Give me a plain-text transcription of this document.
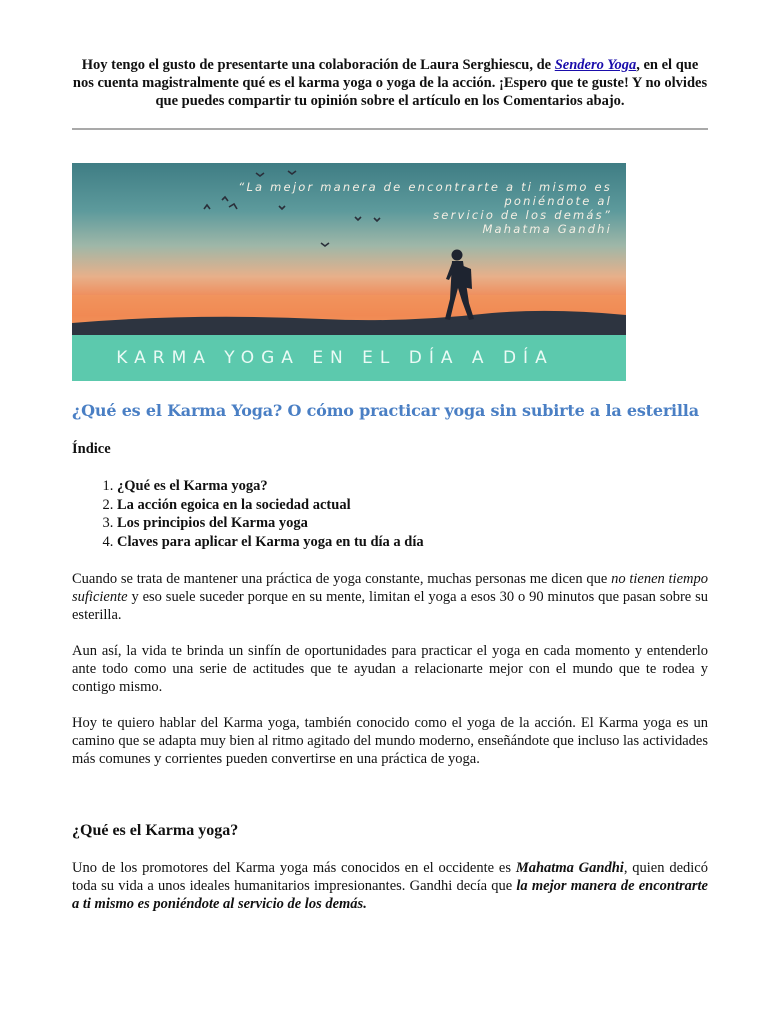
Hoy tengo el gusto de presentarte una colaboración de Laura Serghiescu, de Sendero Yoga, en el que nos cuenta magistralmente qué es el karma yoga o yoga de la acción. ¡Espero que te guste! Y no olvides que puedes compartir tu opinión sobre el artículo en los Comentarios abajo.
“La mejor manera de encontrarte a ti mismo es poniéndote al
servicio de los demás”
Mahatma Gandhi
KARMA YOGA EN EL DÍA A DÍA
¿Qué es el Karma Yoga? O cómo practicar yoga sin subirte a la esterilla
Índice
1. ¿Qué es el Karma yoga?
2. La acción egoica en la sociedad actual
3. Los principios del Karma yoga
4. Claves para aplicar el Karma yoga en tu día a día

Cuando se trata de mantener una práctica de yoga constante, muchas personas me dicen que no tienen tiempo suficiente y eso suele suceder porque en su mente, limitan el yoga a esos 30 o 90 minutos que pasan sobre su esterilla.

Aun así, la vida te brinda un sinfín de oportunidades para practicar el yoga en cada momento y entenderlo ante todo como una serie de actitudes que te ayudan a relacionarte mejor con el mundo que te rodea y contigo mismo.

Hoy te quiero hablar del Karma yoga, también conocido como el yoga de la acción. El Karma yoga es un camino que se adapta muy bien al ritmo agitado del mundo moderno, enseñándote que incluso las actividades más comunes y corrientes pueden convertirse en una práctica de yoga.

¿Qué es el Karma yoga?

Uno de los promotores del Karma yoga más conocidos en el occidente es Mahatma Gandhi, quien dedicó toda su vida a unos ideales humanitarios impresionantes. Gandhi decía que la mejor manera de encontrarte a ti mismo es poniéndote al servicio de los demás.
